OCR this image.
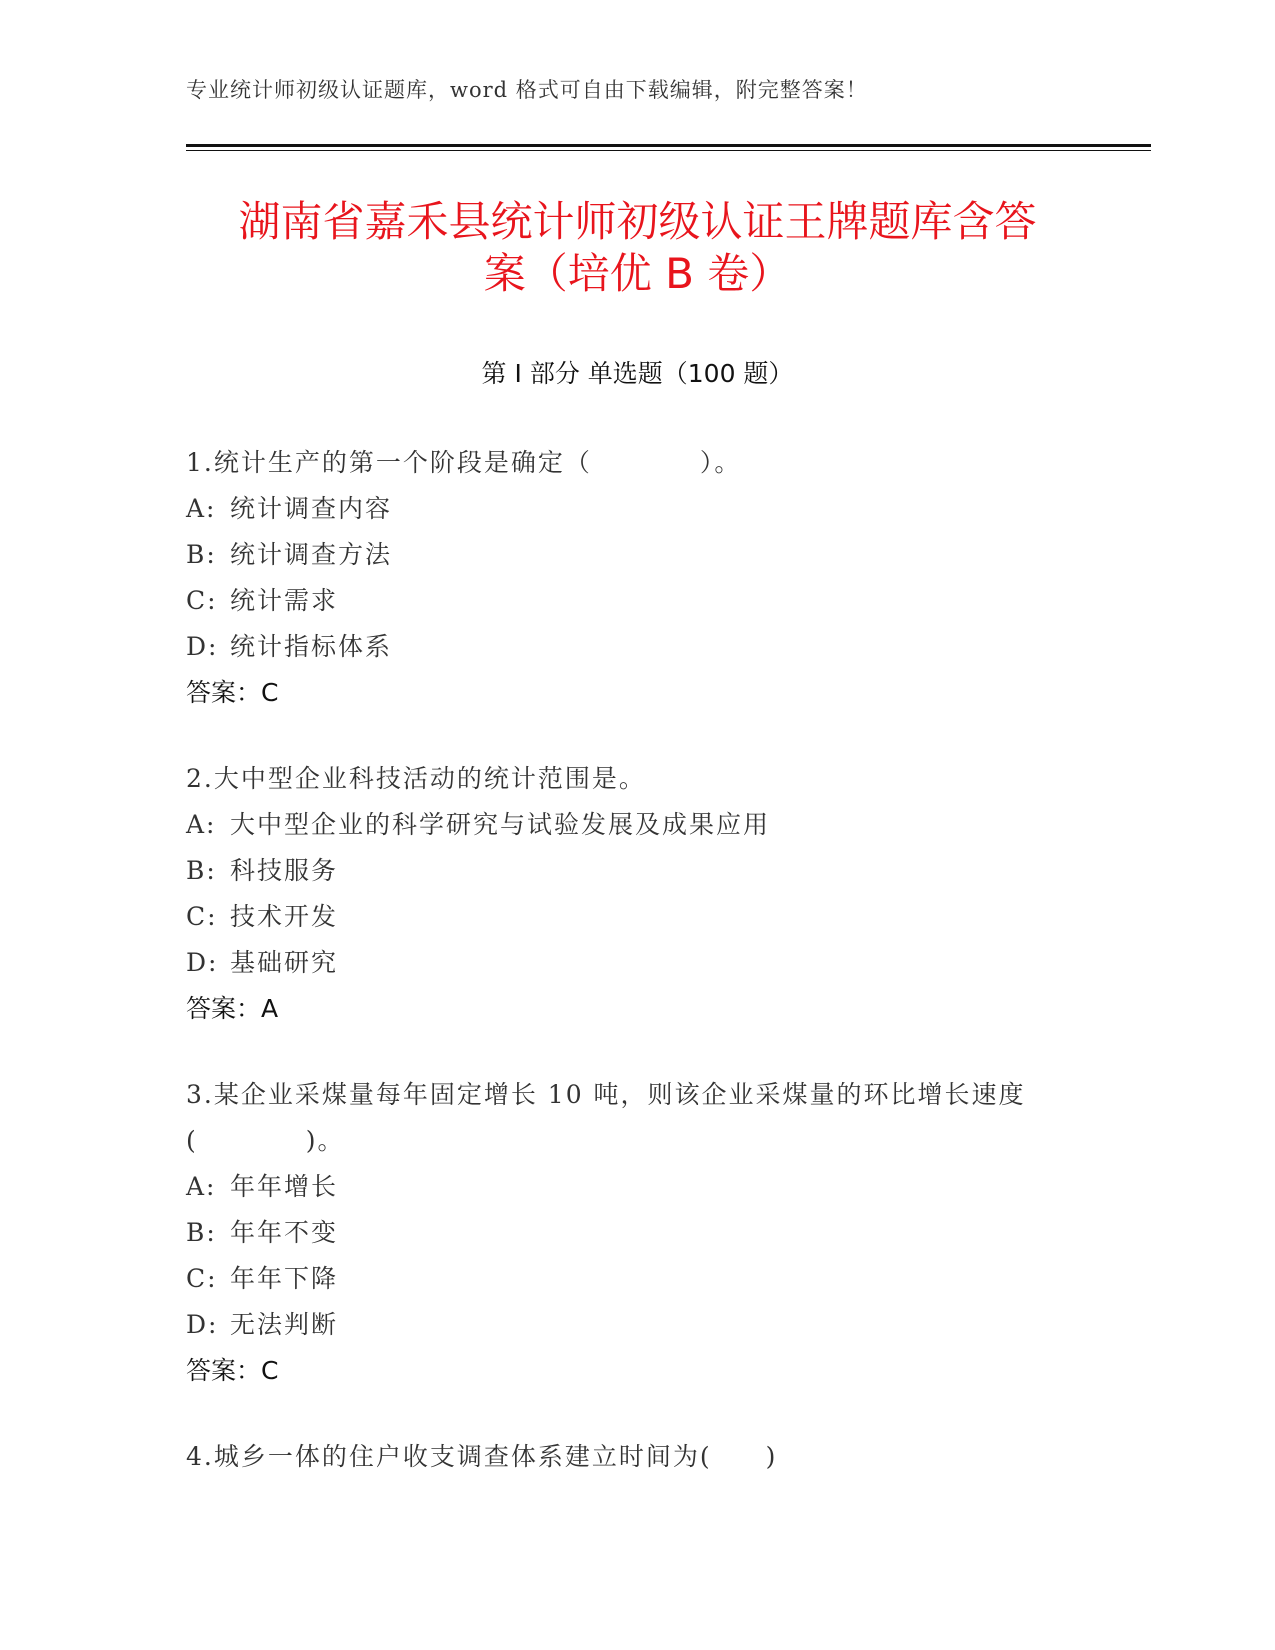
专业统计师初级认证题库，word 格式可自由下载编辑，附完整答案！
湖南省嘉禾县统计师初级认证王牌题库含答
案（培优 B 卷）
第 I 部分 单选题（100 题）
1.统计生产的第一个阶段是确定（　　　　）。
A: 统计调查内容
B: 统计调查方法
C: 统计需求
D: 统计指标体系
答案：C
2.大中型企业科技活动的统计范围是。
A: 大中型企业的科学研究与试验发展及成果应用
B: 科技服务
C: 技术开发
D: 基础研究
答案：A
3.某企业采煤量每年固定增长 10 吨，则该企业采煤量的环比增长速度
(　　　　)。
A: 年年增长
B: 年年不变
C: 年年下降
D: 无法判断
答案：C
4.城乡一体的住户收支调查体系建立时间为(　　)
